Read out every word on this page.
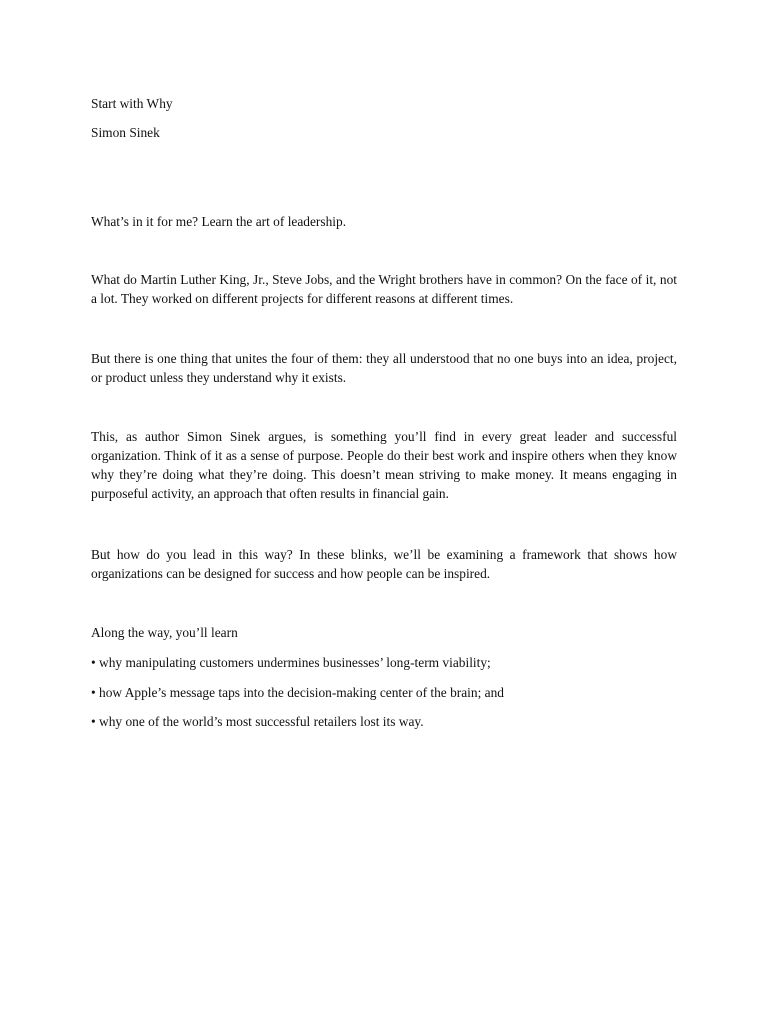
Start with Why

Simon Sinek

What’s in it for me? Learn the art of leadership.

What do Martin Luther King, Jr., Steve Jobs, and the Wright brothers have in common? On the face of it, not a lot. They worked on different projects for different reasons at different times.

But there is one thing that unites the four of them: they all understood that no one buys into an idea, project, or product unless they understand why it exists.

This, as author Simon Sinek argues, is something you’ll find in every great leader and successful organization. Think of it as a sense of purpose. People do their best work and inspire others when they know why they’re doing what they’re doing. This doesn’t mean striving to make money. It means engaging in purposeful activity, an approach that often results in financial gain.

But how do you lead in this way? In these blinks, we’ll be examining a framework that shows how organizations can be designed for success and how people can be inspired.

Along the way, you’ll learn

• why manipulating customers undermines businesses’ long-term viability;

• how Apple’s message taps into the decision-making center of the brain; and

• why one of the world’s most successful retailers lost its way.
